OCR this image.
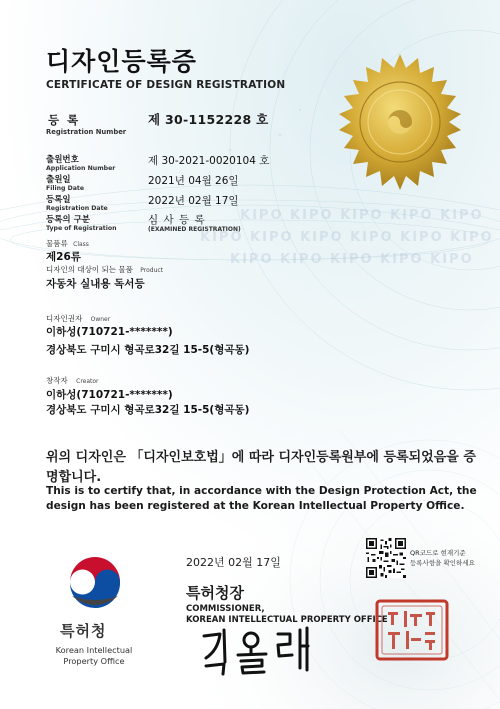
KIPO KIPO KIPO KIPO KIPO
KIPO KIPO KIPO KIPO KIPO KIPO
KIPO KIPO KIPO KIPO KIPO
디자인등록증
CERTIFICATE OF DESIGN REGISTRATION
등 록
Registration Number
제 30-1152228 호
출원번호
Application Number
제 30-2021-0020104 호
출원일
Filing Date
2021년 04월 26일
등록일
Registration Date
2022년 02월 17일
등록의 구분
Type of Registration
심 사 등 록
(EXAMINED REGISTRATION)
물품류 Class
제26류
디자인의 대상이 되는 물품 Product
자동차 실내용 독서등
디자인권자 Owner
이하성(710721-*******)
경상북도 구미시 형곡로32길 15-5(형곡동)
창작자 Creator
이하성(710721-*******)
경상북도 구미시 형곡로32길 15-5(형곡동)
위의 디자인은 「디자인보호법」에 따라 디자인등록원부에 등록되었음을 증명합니다.
This is to certify that, in accordance with the Design Protection Act, the design has been registered at the Korean Intellectual Property Office.
2022년 02월 17일
QR코드로 현재기준
등록사항을 확인하세요
특허청장
COMMISSIONER,
KOREAN INTELLECTUAL PROPERTY OFFICE
특허청
Korean Intellectual
Property Office
